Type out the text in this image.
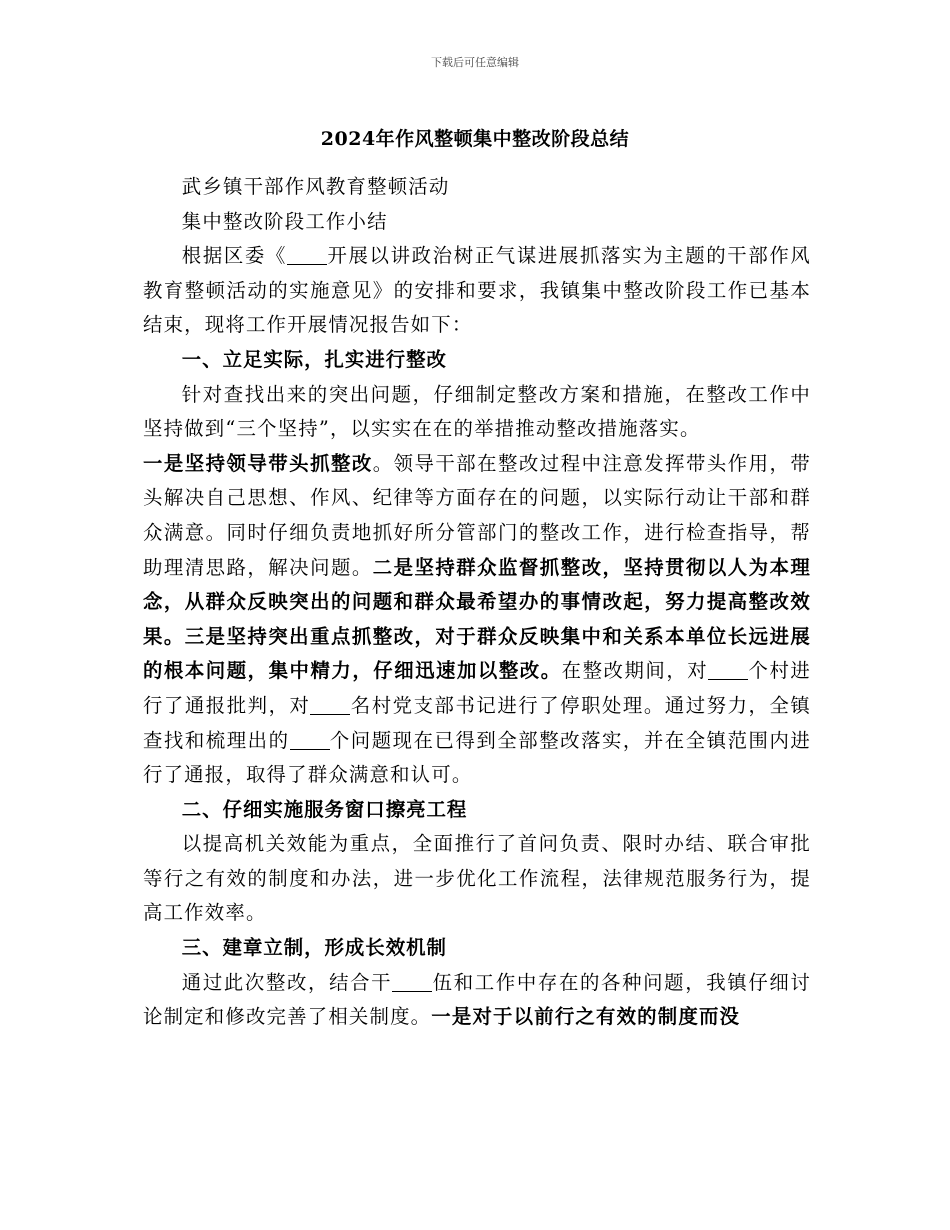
下载后可任意编辑
2024年作风整顿集中整改阶段总结

武乡镇干部作风教育整顿活动

集中整改阶段工作小结

根据区委《 开展以讲政治树正气谋进展抓落实为主题的干部作风教育整顿活动的实施意见》的安排和要求，我镇集中整改阶段工作已基本结束，现将工作开展情况报告如下：

一、立足实际，扎实进行整改

针对查找出来的突出问题，仔细制定整改方案和措施，在整改工作中坚持做到“三个坚持”，以实实在在的举措推动整改措施落实。

一是坚持领导带头抓整改。领导干部在整改过程中注意发挥带头作用，带头解决自己思想、作风、纪律等方面存在的问题，以实际行动让干部和群众满意。同时仔细负责地抓好所分管部门的整改工作，进行检查指导，帮助理清思路，解决问题。二是坚持群众监督抓整改，坚持贯彻以人为本理念，从群众反映突出的问题和群众最希望办的事情改起，努力提高整改效果。三是坚持突出重点抓整改，对于群众反映集中和关系本单位长远进展的根本问题，集中精力，仔细迅速加以整改。在整改期间，对 个村进行了通报批判，对 名村党支部书记进行了停职处理。通过努力，全镇查找和梳理出的 个问题现在已得到全部整改落实，并在全镇范围内进行了通报，取得了群众满意和认可。

二、仔细实施服务窗口擦亮工程

以提高机关效能为重点，全面推行了首问负责、限时办结、联合审批等行之有效的制度和办法，进一步优化工作流程，法律规范服务行为，提高工作效率。

三、建章立制，形成长效机制

通过此次整改，结合干 伍和工作中存在的各种问题，我镇仔细讨论制定和修改完善了相关制度。一是对于以前行之有效的制度而没
